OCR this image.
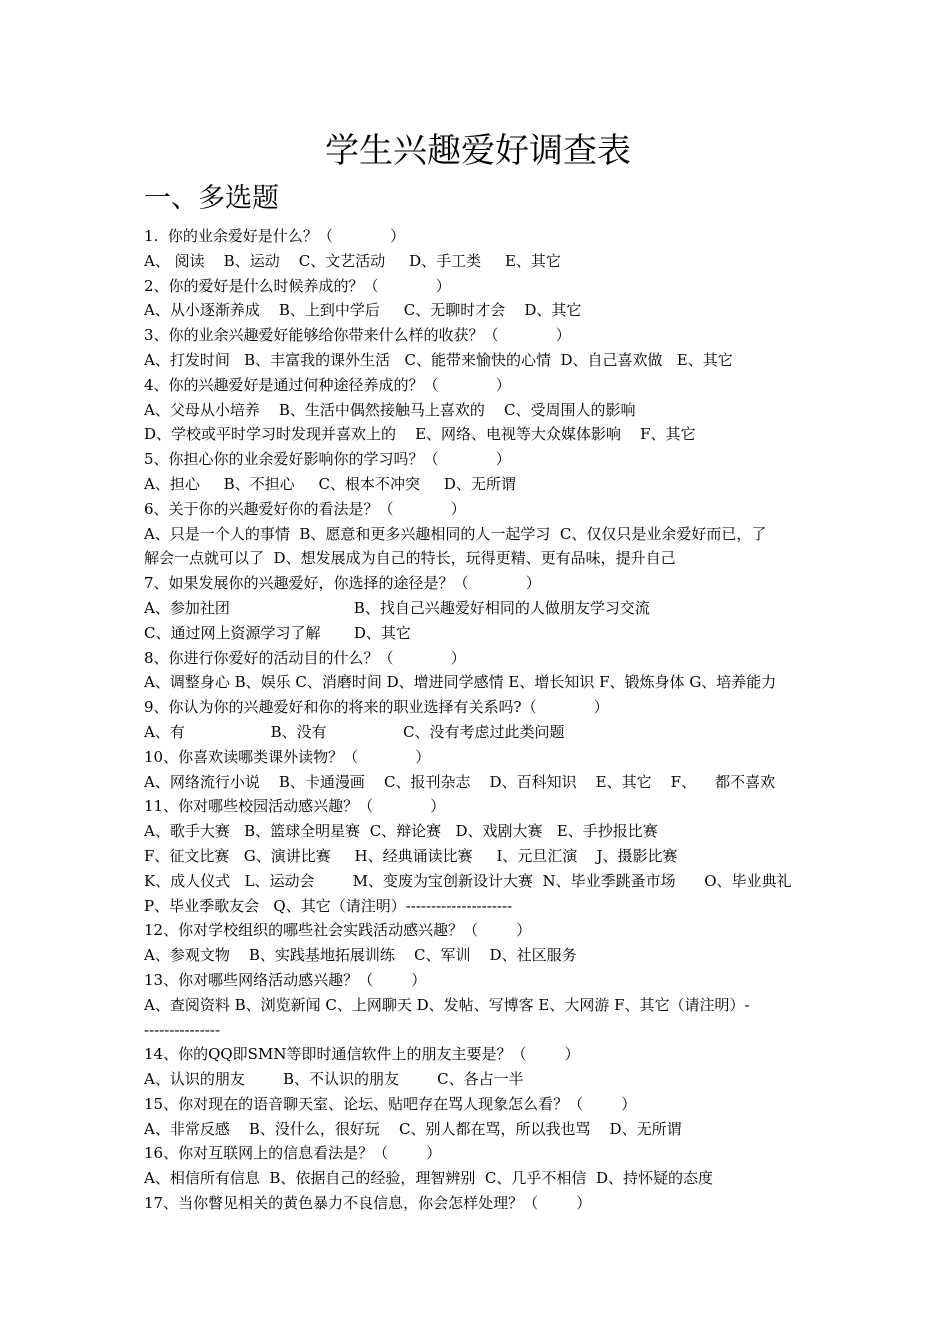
学生兴趣爱好调查表
一、多选题
1.  你的业余爱好是什么？（            ）
A、 阅读    B、运动    C、文艺活动     D、手工类     E、其它
2、你的爱好是什么时候养成的？（            ）
A、从小逐渐养成    B、上到中学后     C、无聊时才会    D、其它
3、你的业余兴趣爱好能够给你带来什么样的收获？（            ）
A、打发时间   B、丰富我的课外生活   C、能带来愉快的心情  D、自己喜欢做   E、其它
4、你的兴趣爱好是通过何种途径养成的？（            ）
A、父母从小培养    B、生活中偶然接触马上喜欢的    C、受周围人的影响
D、学校或平时学习时发现并喜欢上的    E、网络、电视等大众媒体影响    F、其它
5、你担心你的业余爱好影响你的学习吗？（            ）
A、担心     B、不担心     C、根本不冲突     D、无所谓
6、关于你的兴趣爱好你的看法是？（            ）
A、只是一个人的事情  B、愿意和更多兴趣相同的人一起学习  C、仅仅只是业余爱好而已，了
解会一点就可以了  D、想发展成为自己的特长，玩得更精、更有品味，提升自己
7、如果发展你的兴趣爱好，你选择的途径是？（            ）
A、参加社团                          B、找自己兴趣爱好相同的人做朋友学习交流
C、通过网上资源学习了解       D、其它
8、你进行你爱好的活动目的什么？（            ）
A、调整身心 B、娱乐 C、消磨时间 D、增进同学感情 E、增长知识 F、锻炼身体 G、培养能力
9、你认为你的兴趣爱好和你的将来的职业选择有关系吗?（            ）
A、有                  B、没有                C、没有考虑过此类问题
10、你喜欢读哪类课外读物？（            ）
A、网络流行小说    B、卡通漫画    C、报刊杂志    D、百科知识    E、其它    F、    都不喜欢
11、你对哪些校园活动感兴趣？（            ）
A、歌手大赛   B、篮球全明星赛  C、辩论赛   D、戏剧大赛   E、手抄报比赛
F、征文比赛   G、演讲比赛     H、经典诵读比赛     I、元旦汇演    J、摄影比赛
K、成人仪式   L、运动会        M、变废为宝创新设计大赛  N、毕业季跳蚤市场      O、毕业典礼
P、毕业季歌友会   Q、其它（请注明）---------------------
12、你对学校组织的哪些社会实践活动感兴趣？（        ）
A、参观文物    B、实践基地拓展训练    C、军训    D、社区服务
13、你对哪些网络活动感兴趣？（        ）
A、查阅资料 B、浏览新闻 C、上网聊天 D、发帖、写博客 E、大网游 F、其它（请注明）-
---------------
14、你的QQ即SMN等即时通信软件上的朋友主要是？（        ）
A、认识的朋友        B、不认识的朋友        C、各占一半
15、你对现在的语音聊天室、论坛、贴吧存在骂人现象怎么看？（        ）
A、非常反感    B、没什么，很好玩    C、别人都在骂，所以我也骂    D、无所谓
16、你对互联网上的信息看法是？（        ）
A、相信所有信息  B、依据自己的经验，理智辨别  C、几乎不相信  D、持怀疑的态度
17、当你瞥见相关的黄色暴力不良信息，你会怎样处理？（        ）
